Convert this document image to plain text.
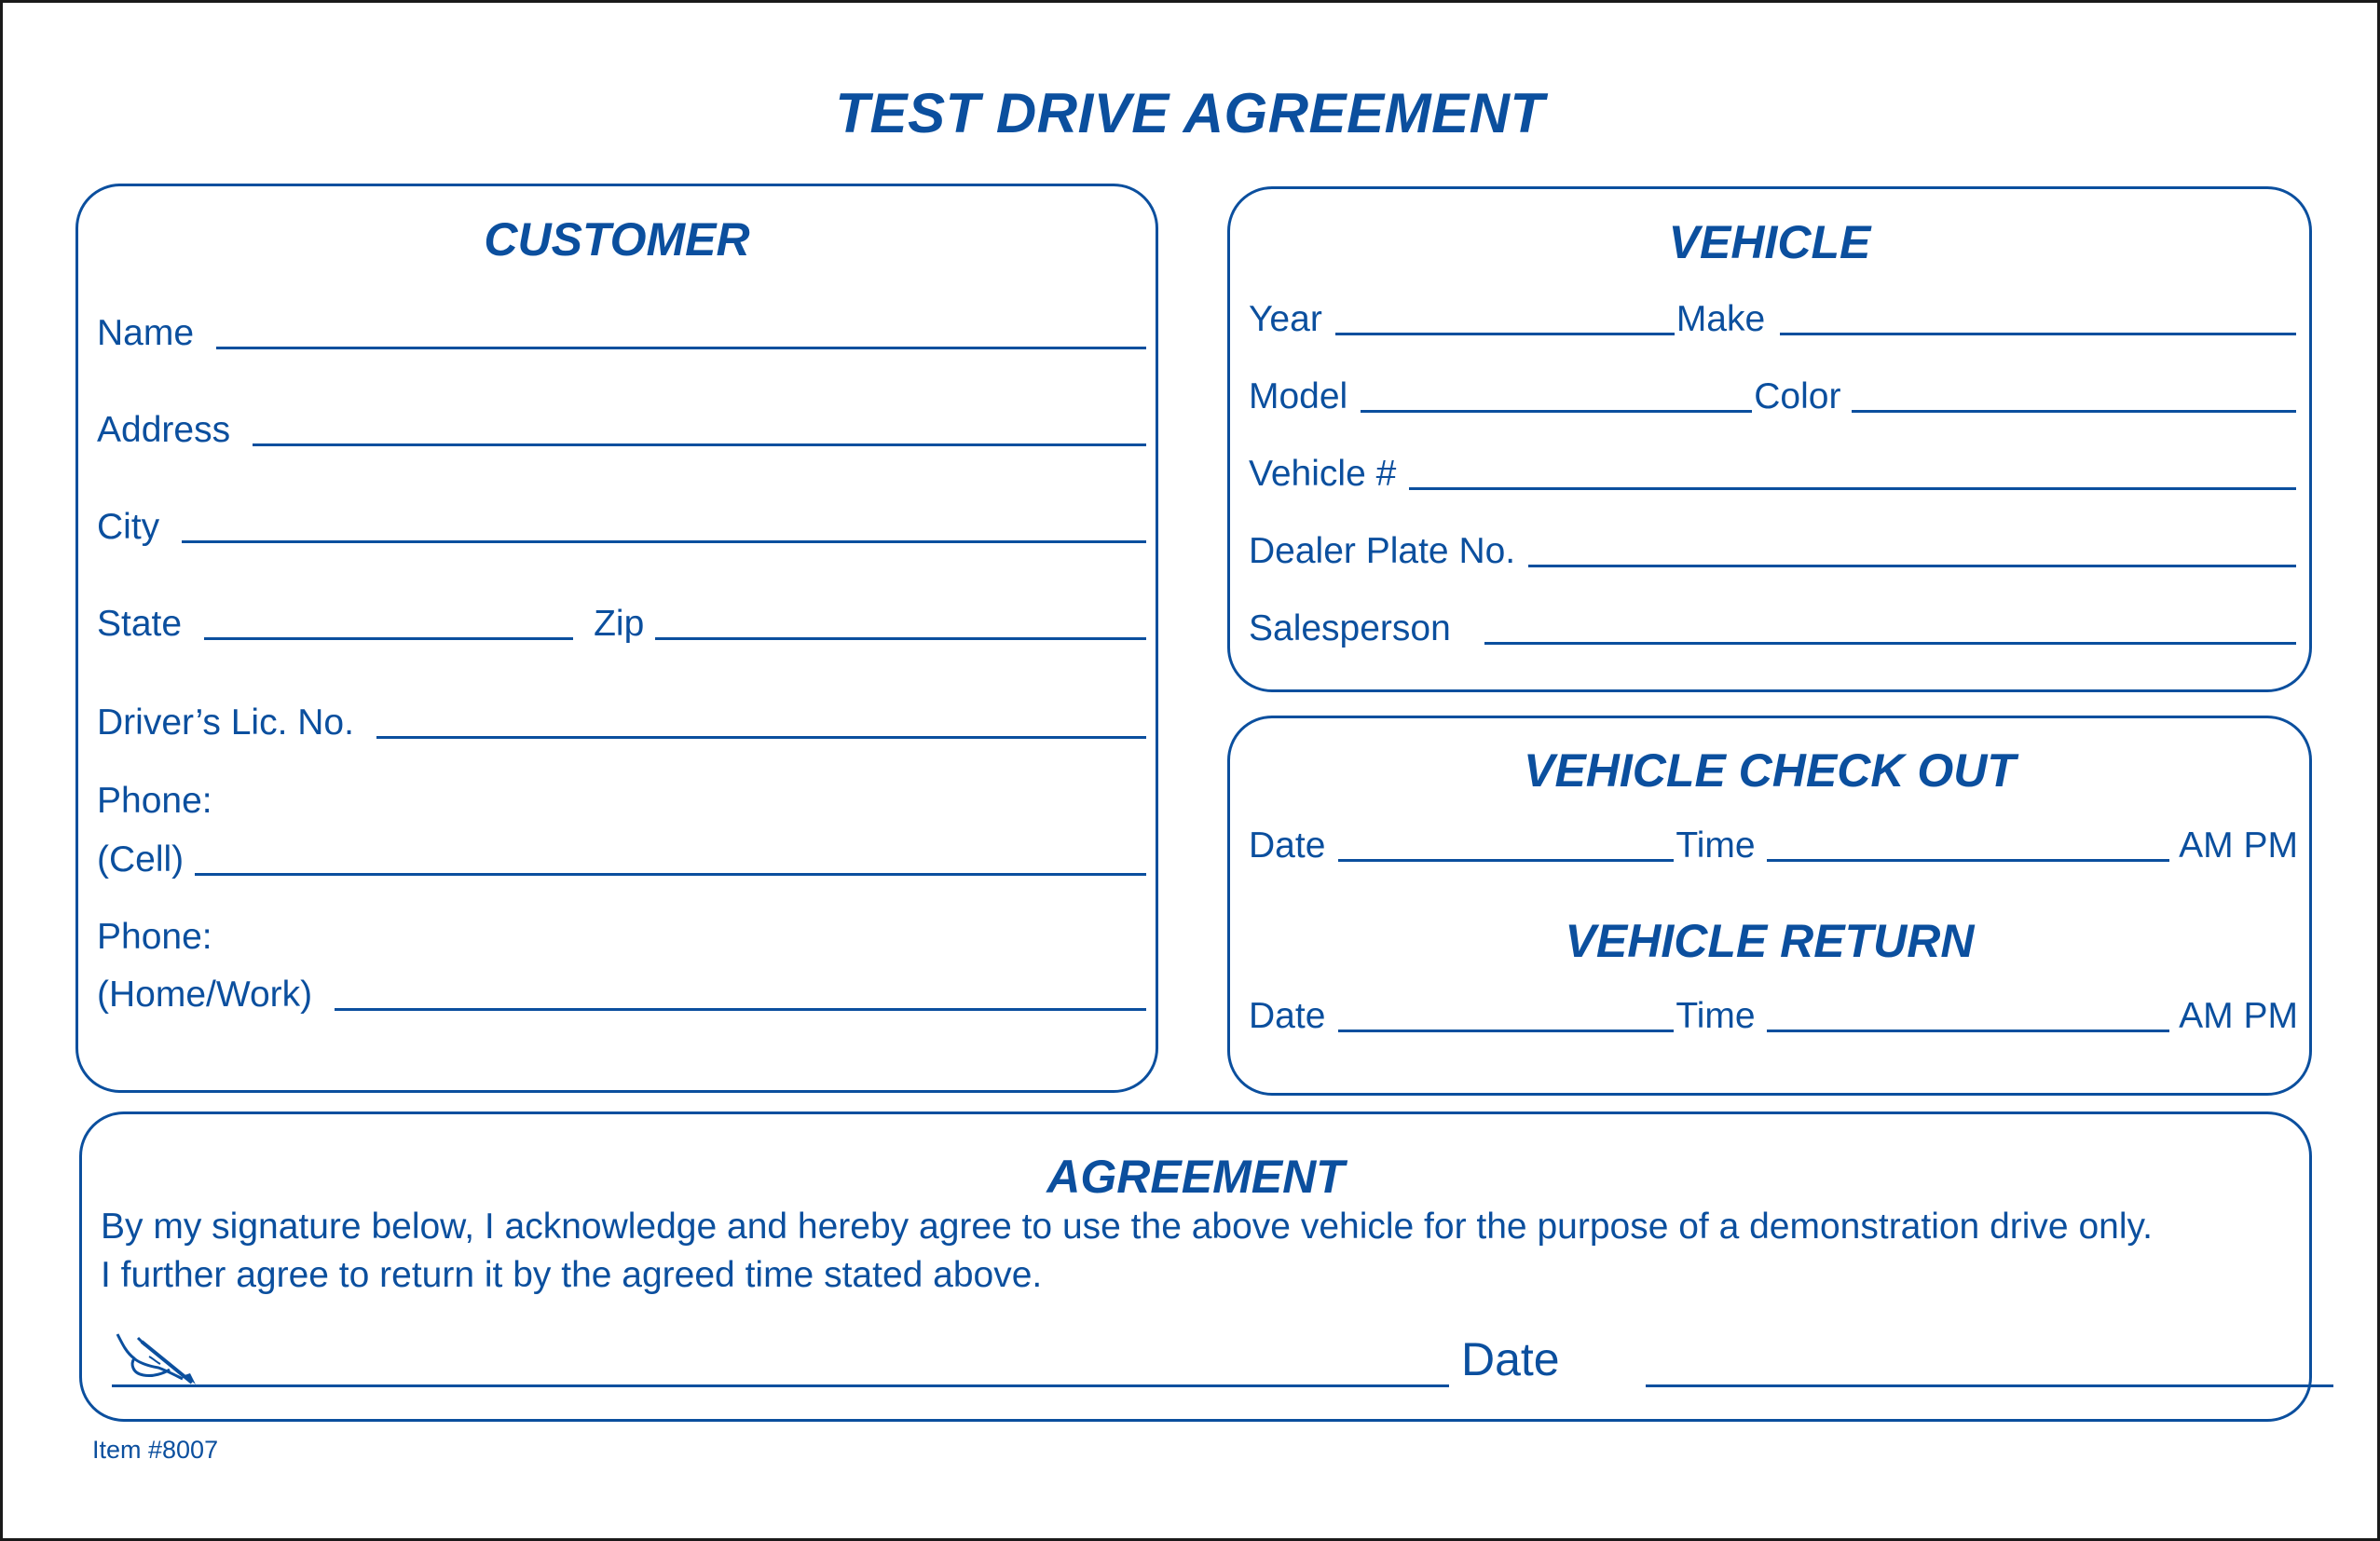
TEST DRIVE AGREEMENT
CUSTOMER
Name
Address
City
State	Zip
Driver’s Lic. No.
Phone:
(Cell)
Phone:
(Home/Work)
VEHICLE
Year	Make
Model	Color
Vehicle #
Dealer Plate No.
Salesperson
VEHICLE CHECK OUT
Date	Time	AM PM
VEHICLE RETURN
Date	Time	AM PM
AGREEMENT
By my signature below, I acknowledge and hereby agree to use the above vehicle for the purpose of a demonstration drive only.
I further agree to return it by the agreed time stated above.
Date
Item #8007
